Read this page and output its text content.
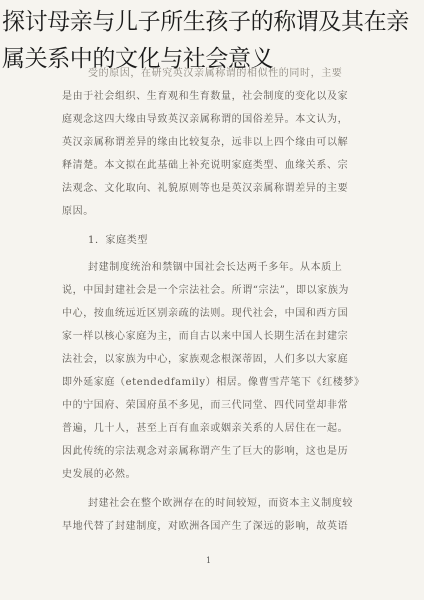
受的原因，在研究英汉亲属称谓的相似性的同时，主要
是由于社会组织、生育观和生育数量，社会制度的变化以及家
庭观念这四大缘由导致英汉亲属称谓的国俗差异。本文认为，
英汉亲属称谓差异的缘由比较复杂，远非以上四个缘由可以解
释清楚。本文拟在此基础上补充说明家庭类型、血缘关系、宗
法观念、文化取向、礼貌原则等也是英汉亲属称谓差异的主要
原因。
1．家庭类型
封建制度统治和禁锢中国社会长达两千多年。从本质上
说，中国封建社会是一个宗法社会。所谓“宗法”，即以家族为
中心，按血统远近区别亲疏的法则。现代社会，中国和西方国
家一样以核心家庭为主，而自古以来中国人长期生活在封建宗
法社会，以家族为中心，家族观念根深蒂固，人们多以大家庭
即外延家庭（etendedfamily）相居。像曹雪芹笔下《红楼梦》
中的宁国府、荣国府虽不多见，而三代同堂、四代同堂却非常
普遍，几十人，甚至上百有血亲或姻亲关系的人居住在一起。
因此传统的宗法观念对亲属称谓产生了巨大的影响，这也是历
史发展的必然。
封建社会在整个欧洲存在的时间较短，而资本主义制度较
早地代替了封建制度，对欧洲各国产生了深远的影响，故英语
1
探讨母亲与儿子所生孩子的称谓及其在亲属关系中的文化与社会意义
